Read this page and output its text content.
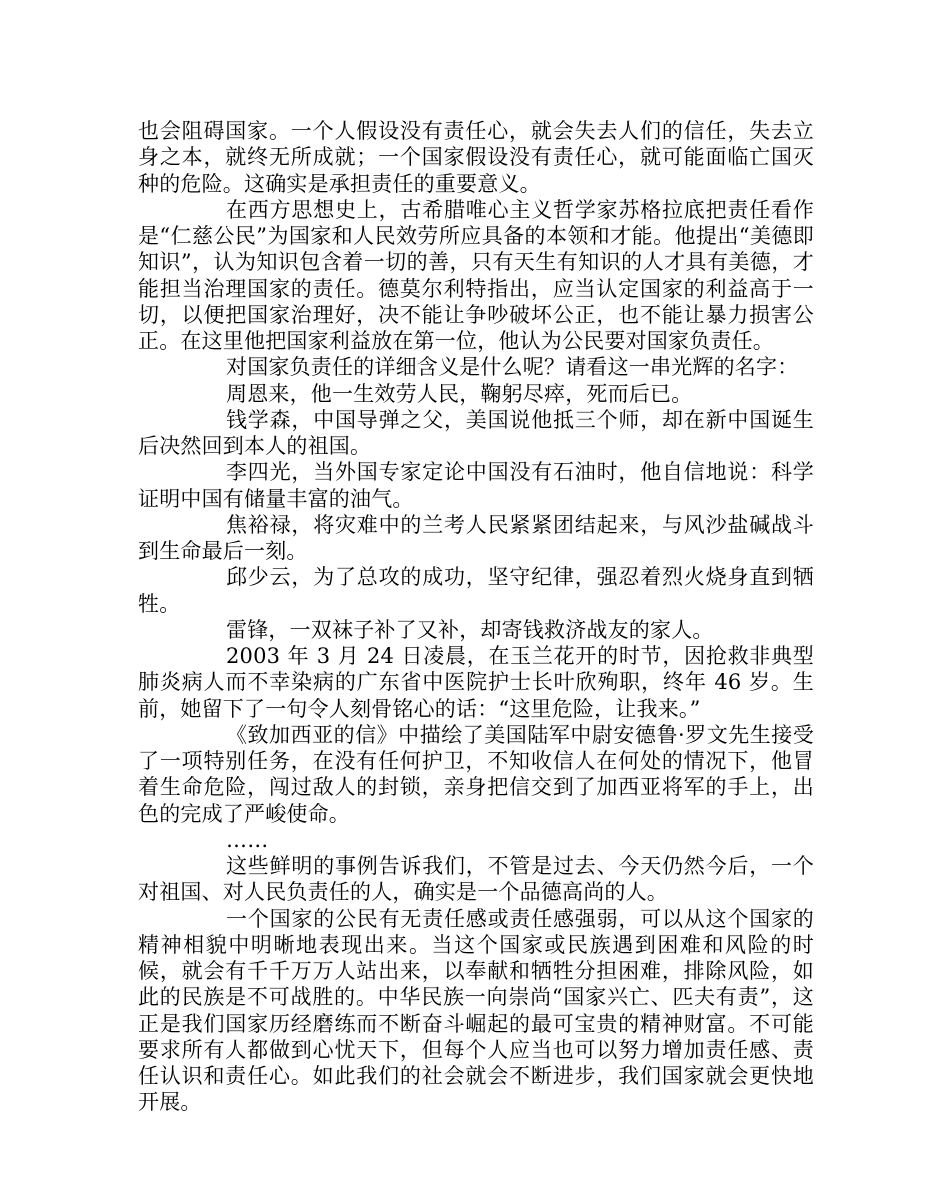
也会阻碍国家。一个人假设没有责任心，就会失去人们的信任，失去立身之本，就终无所成就；一个国家假设没有责任心，就可能面临亡国灭种的危险。这确实是承担责任的重要意义。

在西方思想史上，古希腊唯心主义哲学家苏格拉底把责任看作是“仁慈公民”为国家和人民效劳所应具备的本领和才能。他提出“美德即知识”，认为知识包含着一切的善，只有天生有知识的人才具有美德，才能担当治理国家的责任。德莫尔利特指出，应当认定国家的利益高于一切，以便把国家治理好，决不能让争吵破坏公正，也不能让暴力损害公正。在这里他把国家利益放在第一位，他认为公民要对国家负责任。

对国家负责任的详细含义是什么呢？请看这一串光辉的名字：

周恩来，他一生效劳人民，鞠躬尽瘁，死而后已。

钱学森，中国导弹之父，美国说他抵三个师，却在新中国诞生后决然回到本人的祖国。

李四光，当外国专家定论中国没有石油时，他自信地说：科学证明中国有储量丰富的油气。

焦裕禄，将灾难中的兰考人民紧紧团结起来，与风沙盐碱战斗到生命最后一刻。

邱少云，为了总攻的成功，坚守纪律，强忍着烈火烧身直到牺牲。

雷锋，一双袜子补了又补，却寄钱救济战友的家人。

2003 年 3 月 24 日凌晨，在玉兰花开的时节，因抢救非典型肺炎病人而不幸染病的广东省中医院护士长叶欣殉职，终年 46 岁。生前，她留下了一句令人刻骨铭心的话：“这里危险，让我来。”

《致加西亚的信》中描绘了美国陆军中尉安德鲁·罗文先生接受了一项特别任务，在没有任何护卫，不知收信人在何处的情况下，他冒着生命危险，闯过敌人的封锁，亲身把信交到了加西亚将军的手上，出色的完成了严峻使命。

……

这些鲜明的事例告诉我们，不管是过去、今天仍然今后，一个对祖国、对人民负责任的人，确实是一个品德高尚的人。

一个国家的公民有无责任感或责任感强弱，可以从这个国家的精神相貌中明晰地表现出来。当这个国家或民族遇到困难和风险的时候，就会有千千万万人站出来，以奉献和牺牲分担困难，排除风险，如此的民族是不可战胜的。中华民族一向崇尚“国家兴亡、匹夫有责”，这正是我们国家历经磨练而不断奋斗崛起的最可宝贵的精神财富。不可能要求所有人都做到心忧天下，但每个人应当也可以努力增加责任感、责任认识和责任心。如此我们的社会就会不断进步，我们国家就会更快地开展。
